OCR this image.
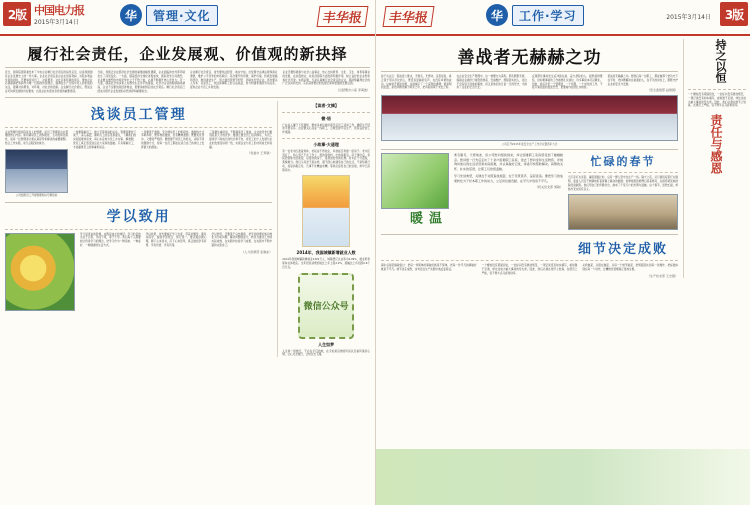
2版 中国电力报
2015年3月14日	华	管理·文化	丰华报
履行社会责任，企业发展观、价值观的新抉择
近日，国务院国资委发布了中央企业履行社会责任的指导意见，这是我国国有企业发展史上的一件大事。企业社会责任是企业在创造利润、对股东利益负责的同时，还要承担对员工、对消费者、对社区和环境的责任，要求企业必须超越把利润作为唯一目标的传统理念，强调在生产过程中对人的价值的关注，强调对消费者、对环境、对社会的贡献。企业履行社会责任，既是企业可持续发展的内在要求，也是企业实现自身价值的重要途径。
当前，我国正处在经济社会发展的重要战略机遇期，企业面临的内外部环境发生了深刻变化。一方面，随着经济全球化进程加快，国际竞争日趋激烈，企业要在激烈的市场竞争中立于不败之地，必须不断提升核心竞争力；另一方面，随着社会进步和人民群众生活水平的提高，社会对企业的期望越来越高，企业不仅要创造经济效益，更要承担相应的社会责任。履行社会责任已经成为现代企业发展的必然选择和重要标志。
企业履行社会责任，首先要依法经营、诚实守信，自觉遵守法律法规和商业道德，维护公平竞争的市场秩序；其次要节约资源、保护环境，积极发展循环经济，推进清洁生产，努力建设资源节约型、环境友好型企业；再次要以人为本、关爱员工，依法保障职工的合法权益，努力构建和谐的劳动关系，促进企业与员工共同发展。
企业还要积极参与社会公益事业，热心支持教育、文化、卫生、体育等事业的发展，在抗震救灾、扶贫济困等方面发挥积极作用，树立良好的企业形象和社会声誉。实践证明，凡是认真履行社会责任的企业，都能够赢得社会的广泛认同和支持，从而获得更好的发展空间和更强的发展后劲。
（总经理办公室 李海波）
浅谈员工管理
企业管理归根到底是对人的管理，而员工管理是企业管理的核心内容。如何调动员工的积极性、主动性和创造性，是每一位管理者必须认真思考和解决的重要课题。结合工作实践，谈几点粗浅的体会。
公司组织员工开展管理知识专题培训
一是要尊重员工，建立平等和谐的关系。管理者要放下架子，深入基层，倾听员工的意见和建议，了解他们的实际困难和需求，真心实意地为员工办实事、解难题，使员工真正感受到企业大家庭的温暖。只有尊重员工，才能赢得员工的尊重和信任。
二是要善于激励，充分调动员工的积极性。激励的方式多种多样，既有物质激励，也有精神激励；既要奖优罚劣，又要宽严相济。要根据不同员工的特点，采取不同的激励方式，使每一位员工都能在适合自己的岗位上发挥最大的潜能。
三是要注重培训，不断提高员工素质。企业的竞争归根到底是人才的竞争。要建立健全员工培训体系，为员工提供学习和成长的机会和平台，使员工的个人发展与企业的发展目标相一致，实现企业与员工的共同成长和双赢。
（党委办 王育敏）
学以致用
学习是进步的阶梯，实践是成才的途径。学习的目的全在于运用，学而不用，等于不学。我们每个人都要树立终身学习的理念，把学习作为一种追求、一种爱好、一种健康的生活方式。
学以致用，首先要端正学习态度，带着问题学，联系实际学，做到学思结合、知行统一。要克服浮躁心理，静下心来读书，沉下心来思考，真正做到学有所得、学有所悟、学有所用。
学以致用，还要善于总结提炼，把学到的理论知识转化为分析问题、解决问题的能力，转化为推动工作的实际成效，在实践中检验学习成果，在实践中不断丰富和完善自己。
（人力资源部 张晓东）
【读者·文摘】
微·语
广东省人事厅下发通知，要求各单位做好春节后员工返岗工作，确保生产经营平稳有序。企业要关心关爱一线职工，合理安排节后生产，营造良好的工作氛围。
小故事·大道理
有一位老木匠准备退休，老板舍不得他走，问他能否再建一座房子。老木匠答应了，但心思已不在工作上，用的是软料，出的是粗活。房子建好后，老板把钥匙交给他说，这是你的房子，是我送给你的礼物。老木匠十分震惊，羞愧难当。我们又何尝不是这样，漫不经心地建造自己的生活，不是积极行动，而是消极应付，凡事不肯精益求精。等我们惊觉自己的处境，却早已深陷其中。
2014年，我国城镇新增就业人数
2014年我国城镇新增就业1322万人，城镇登记失业率为4.09%，就业形势保持总体稳定。全年居民消费价格比上年上涨2.0%，涨幅比上年回落0.6个百分点。
微信公众号
人生如梦
人生如一场旅行，不必在乎目的地，在乎的是沿途的风景以及看风景的心情。让心灵去旅行，让快乐去飞翔。
丰华报	华	工作·学习	2015年3月14日	3版
善战者无赫赫之功
孙子兵法云：善战者之胜也，无智名，无勇功。意思是说，真正善于用兵打仗的人，既没有显赫的名声，也没有卓著的战功。这看似矛盾的论断，实则揭示了一个深刻的道理：最高明的处置，是把问题化解于萌芽之中，把风险消弭于未发之时。
在企业安全生产管理中，这一道理尤为适用。那些默默无闻、兢兢业业做好日常隐患排查、设备维护、规程落实的人，往往不会有惊天动地的事迹，但正是他们的日复一日的坚守，才换来了企业的长治久安。
反观那些事故发生后冲锋在前、奋力抢险的人，固然值得褒奖，但如果事前的工作做得扎实到位，许多事故本可以避免。因此，我们评价一个管理者、一个班组、一个岗位的工作，不能只看表面的轰轰烈烈，更要看内在的扎实细致。
善战者无赫赫之功。愿我们每一位职工，都能做那个把功夫下在平时、把问题解决在前面的人，在平凡的岗位上，默默守护企业的安全与发展。
（安全监察部 赵建国）
公司召开2015年度安全生产工作会议暨表彰大会
温暖
寒冬腊月，天寒地冻，但公司慰问组的到来，却让困难职工家庭感受到了融融暖意。慰问组一行先后走访了十余户困难职工家庭，送去了慰问金和生活物资，详细询问他们的生活状况和实际困难，并认真做好记录，承诺尽快帮助解决。真情的关怀，朴实的话语，让职工们倍感温暖。
学习先进典型，关键在于对照查找差距，在于见贤思齐、奋起直追。要把学习的成果转化为干好本职工作的动力，立足岗位做贡献，在平凡中创造不平凡。
（机关党支部 周敏）
忙碌的春节
当万家灯火亮起、阖家团圆之时，总有一群人坚守在生产一线。除夕之夜，运行值班室里灯火通明，监盘人员目不转睛地盯着屏幕上跳动的数据；检修班组的师傅们顶着寒风，在现场紧张地排除设备缺陷。他们用自己的辛勤付出，换来了千家万户的光明与温暖。这个春节，虽然忙碌，却格外充实而有意义。
细节决定成败
海尔总裁张瑞敏说过：把每一件简单的事做好就是不简单，把每一件平凡的事做好就是不平凡。细节决定成败，这句话在生产实践中被反复验证。
一个螺栓没有紧固到位，一处标识没有悬挂规范，一项记录没有如实填写，看似微不足道，却往往成为重大事故的导火索。因此，我们必须在细节上较真，在规范上严格，容不得半点马虎和侥幸。
从我做起，从现在做起，从每一个细节做起，把规程落实到每一次操作，把标准体现在每一个动作，让精细化管理真正落地生根。
（生产技术部 王志强）
持之以恒
一个螺栓没有紧固到位，一处标识没有悬挂规范，一项记录没有如实填写，看似微不足道，却往往成为重大事故的导火索。因此，我们必须在细节上较真，在规范上严格，容不得半点马虎和侥幸。
责任与感恩
